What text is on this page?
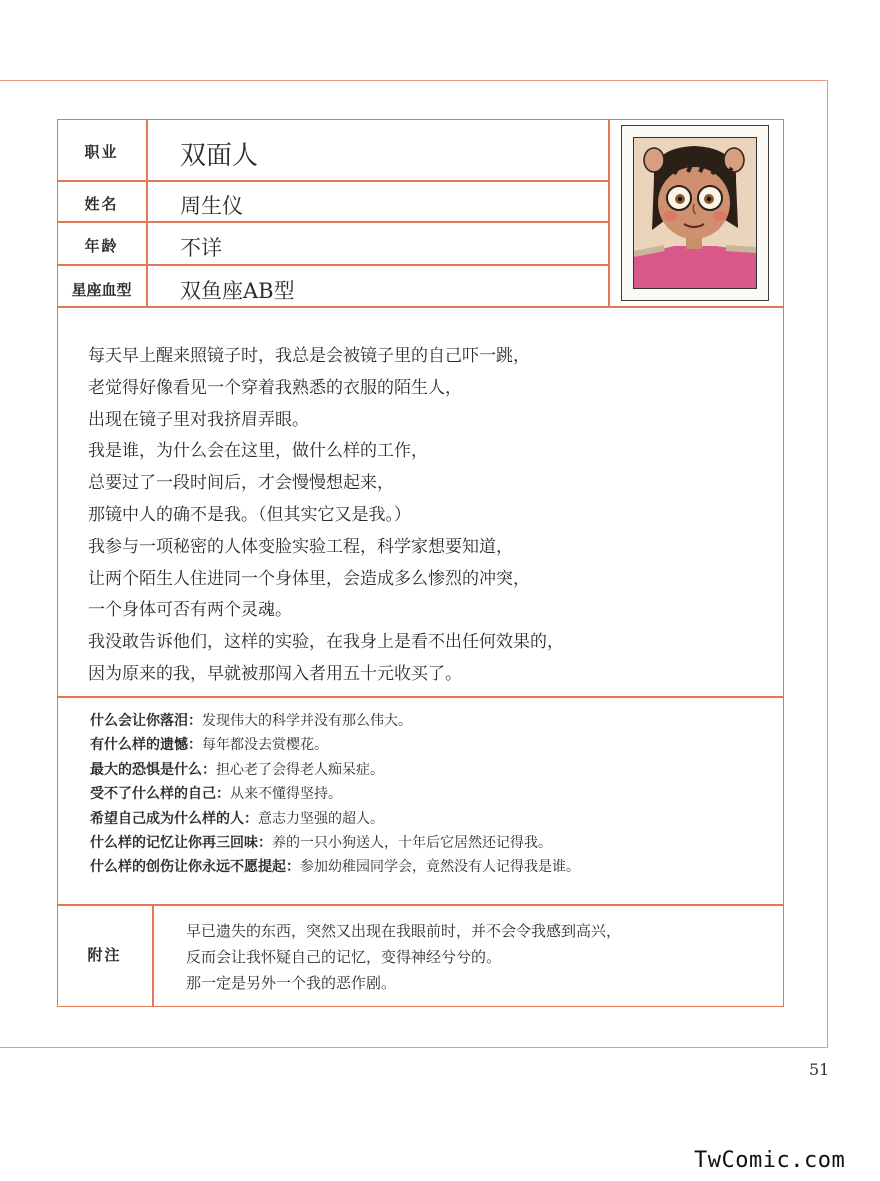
职业	双面人
姓名	周生仪
年龄	不详
星座血型	双鱼座AB型
每天早上醒来照镜子时，我总是会被镜子里的自己吓一跳，
老觉得好像看见一个穿着我熟悉的衣服的陌生人，
出现在镜子里对我挤眉弄眼。
我是谁，为什么会在这里，做什么样的工作，
总要过了一段时间后，才会慢慢想起来，
那镜中人的确不是我。（但其实它又是我。）
我参与一项秘密的人体变脸实验工程，科学家想要知道，
让两个陌生人住进同一个身体里，会造成多么惨烈的冲突，
一个身体可否有两个灵魂。
我没敢告诉他们，这样的实验，在我身上是看不出任何效果的，
因为原来的我，早就被那闯入者用五十元收买了。
什么会让你落泪：发现伟大的科学并没有那么伟大。
有什么样的遗憾：每年都没去赏樱花。
最大的恐惧是什么：担心老了会得老人痴呆症。
受不了什么样的自己：从来不懂得坚持。
希望自己成为什么样的人：意志力坚强的超人。
什么样的记忆让你再三回味：养的一只小狗送人，十年后它居然还记得我。
什么样的创伤让你永远不愿提起：参加幼稚园同学会，竟然没有人记得我是谁。
附注
早已遗失的东西，突然又出现在我眼前时，并不会令我感到高兴，
反而会让我怀疑自己的记忆，变得神经兮兮的。
那一定是另外一个我的恶作剧。
51
TwComic.com
